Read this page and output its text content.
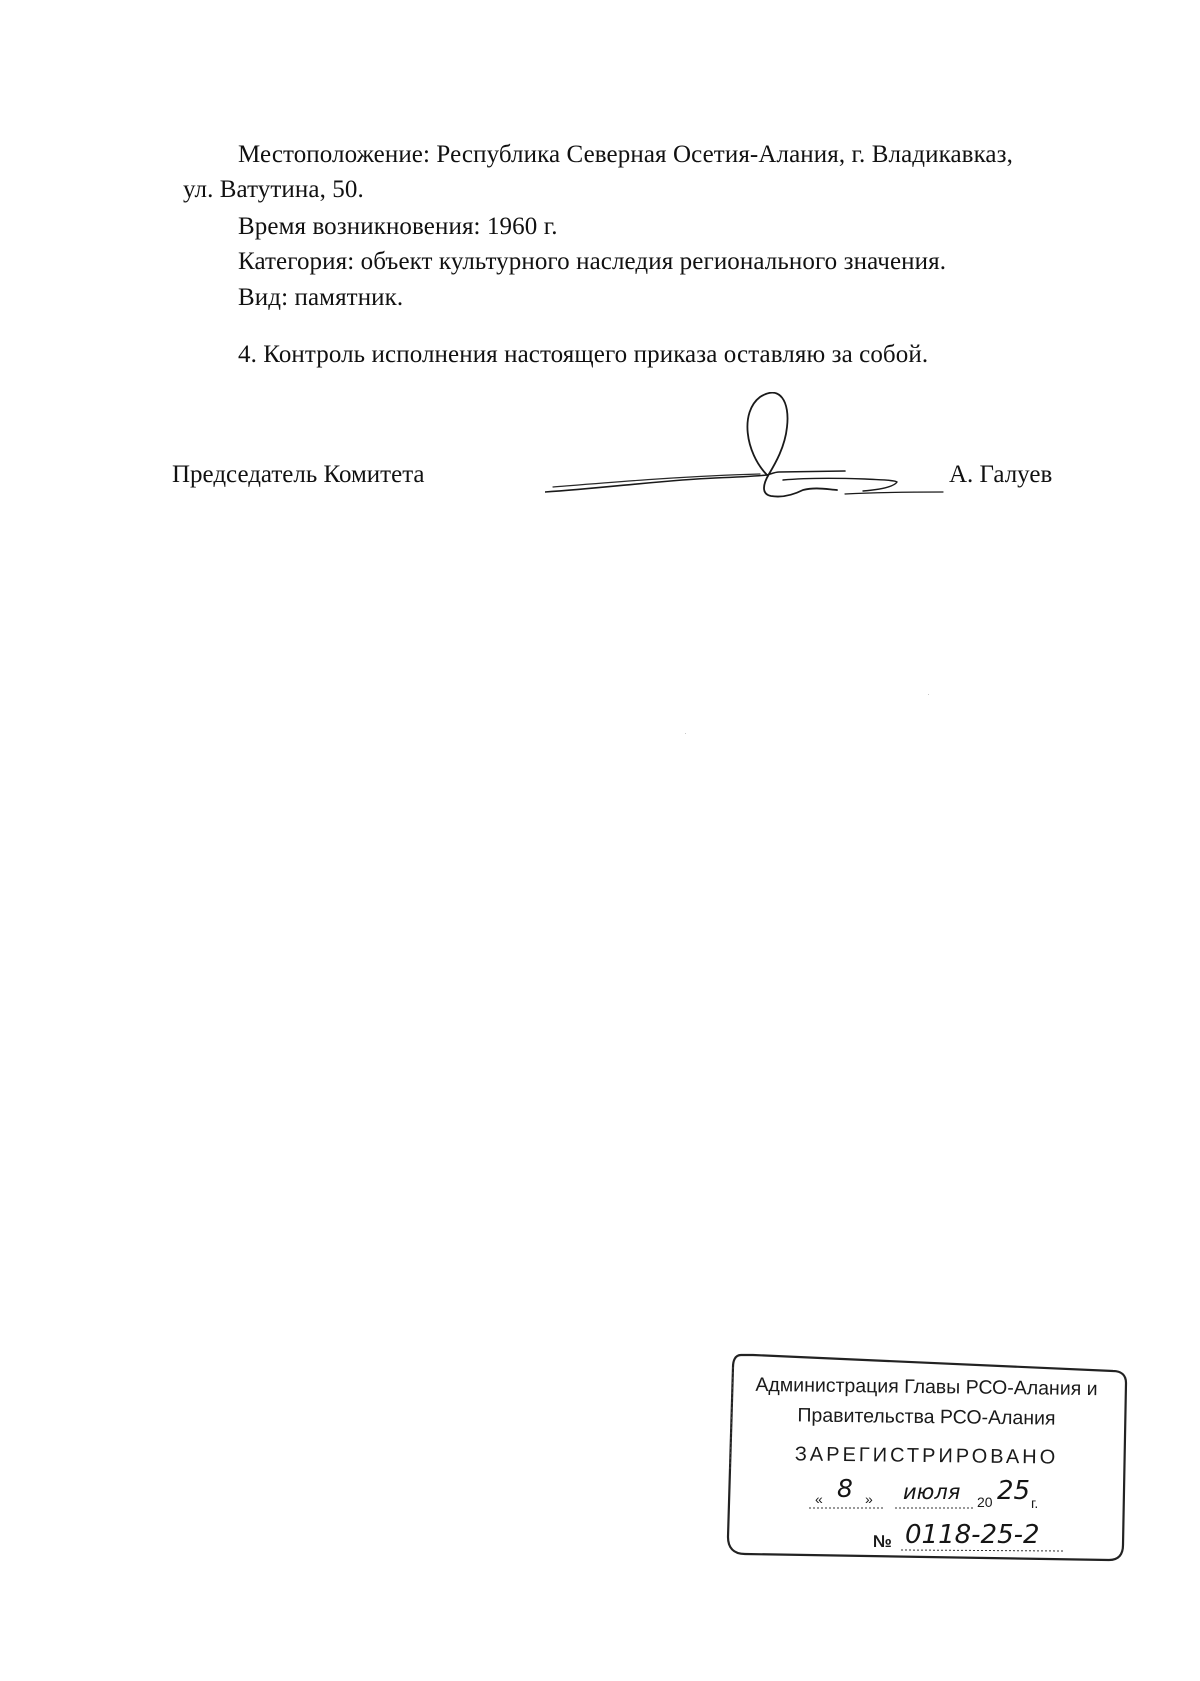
Местоположение: Республика Северная Осетия-Алания, г. Владикавказ,
ул. Ватутина, 50.
Время возникновения: 1960 г.
Категория: объект культурного наследия регионального значения.
Вид: памятник.
4. Контроль исполнения настоящего приказа оставляю за собой.
Председатель Комитета	А. Галуев
Администрация Главы РСО-Алания и
Правительства РСО-Алания
ЗАРЕГИСТРИРОВАНО
« 8 » июля 20 25 г.
№ 0118-25-2
